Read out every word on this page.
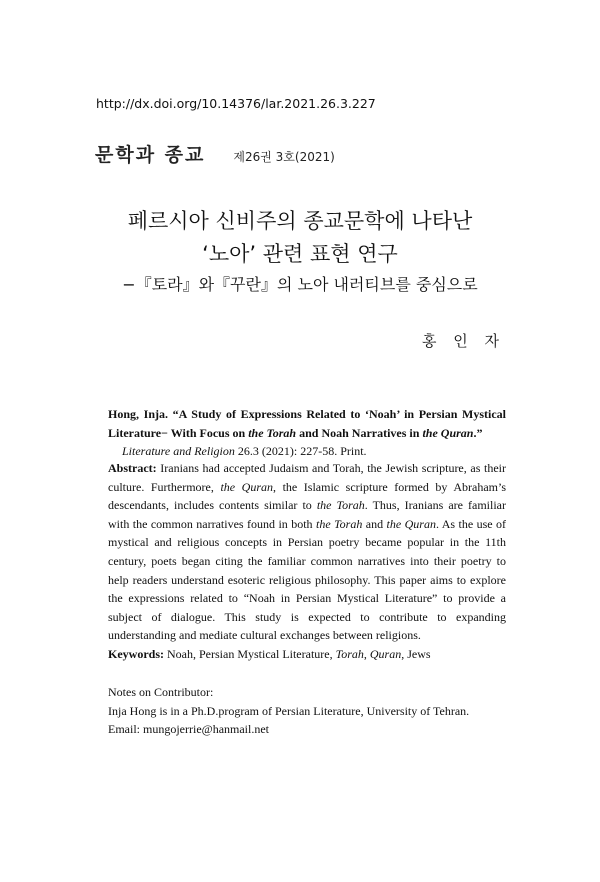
http://dx.doi.org/10.14376/lar.2021.26.3.227
문학과 종교 제26권 3호(2021)
페르시아 신비주의 종교문학에 나타난
‘노아’ 관련 표현 연구
−『토라』와『꾸란』의 노아 내러티브를 중심으로
홍 인 자

Hong, Inja. “A Study of Expressions Related to ‘Noah’ in Persian Mystical Literature− With Focus on the Torah and Noah Narratives in the Quran.”

Literature and Religion 26.3 (2021): 227-58. Print.

Abstract: Iranians had accepted Judaism and Torah, the Jewish scripture, as their culture. Furthermore, the Quran, the Islamic scripture formed by Abraham’s descendants, includes contents similar to the Torah. Thus, Iranians are familiar with the common narratives found in both the Torah and the Quran. As the use of mystical and religious concepts in Persian poetry became popular in the 11th century, poets began citing the familiar common narratives into their poetry to help readers understand esoteric religious philosophy. This paper aims to explore the expressions related to “Noah in Persian Mystical Literature” to provide a subject of dialogue. This study is expected to contribute to expanding understanding and mediate cultural exchanges between religions.
Keywords: Noah, Persian Mystical Literature, Torah, Quran, Jews
Notes on Contributor:
Inja Hong is in a Ph.D.program of Persian Literature, University of Tehran.
Email: mungojerrie@hanmail.net
